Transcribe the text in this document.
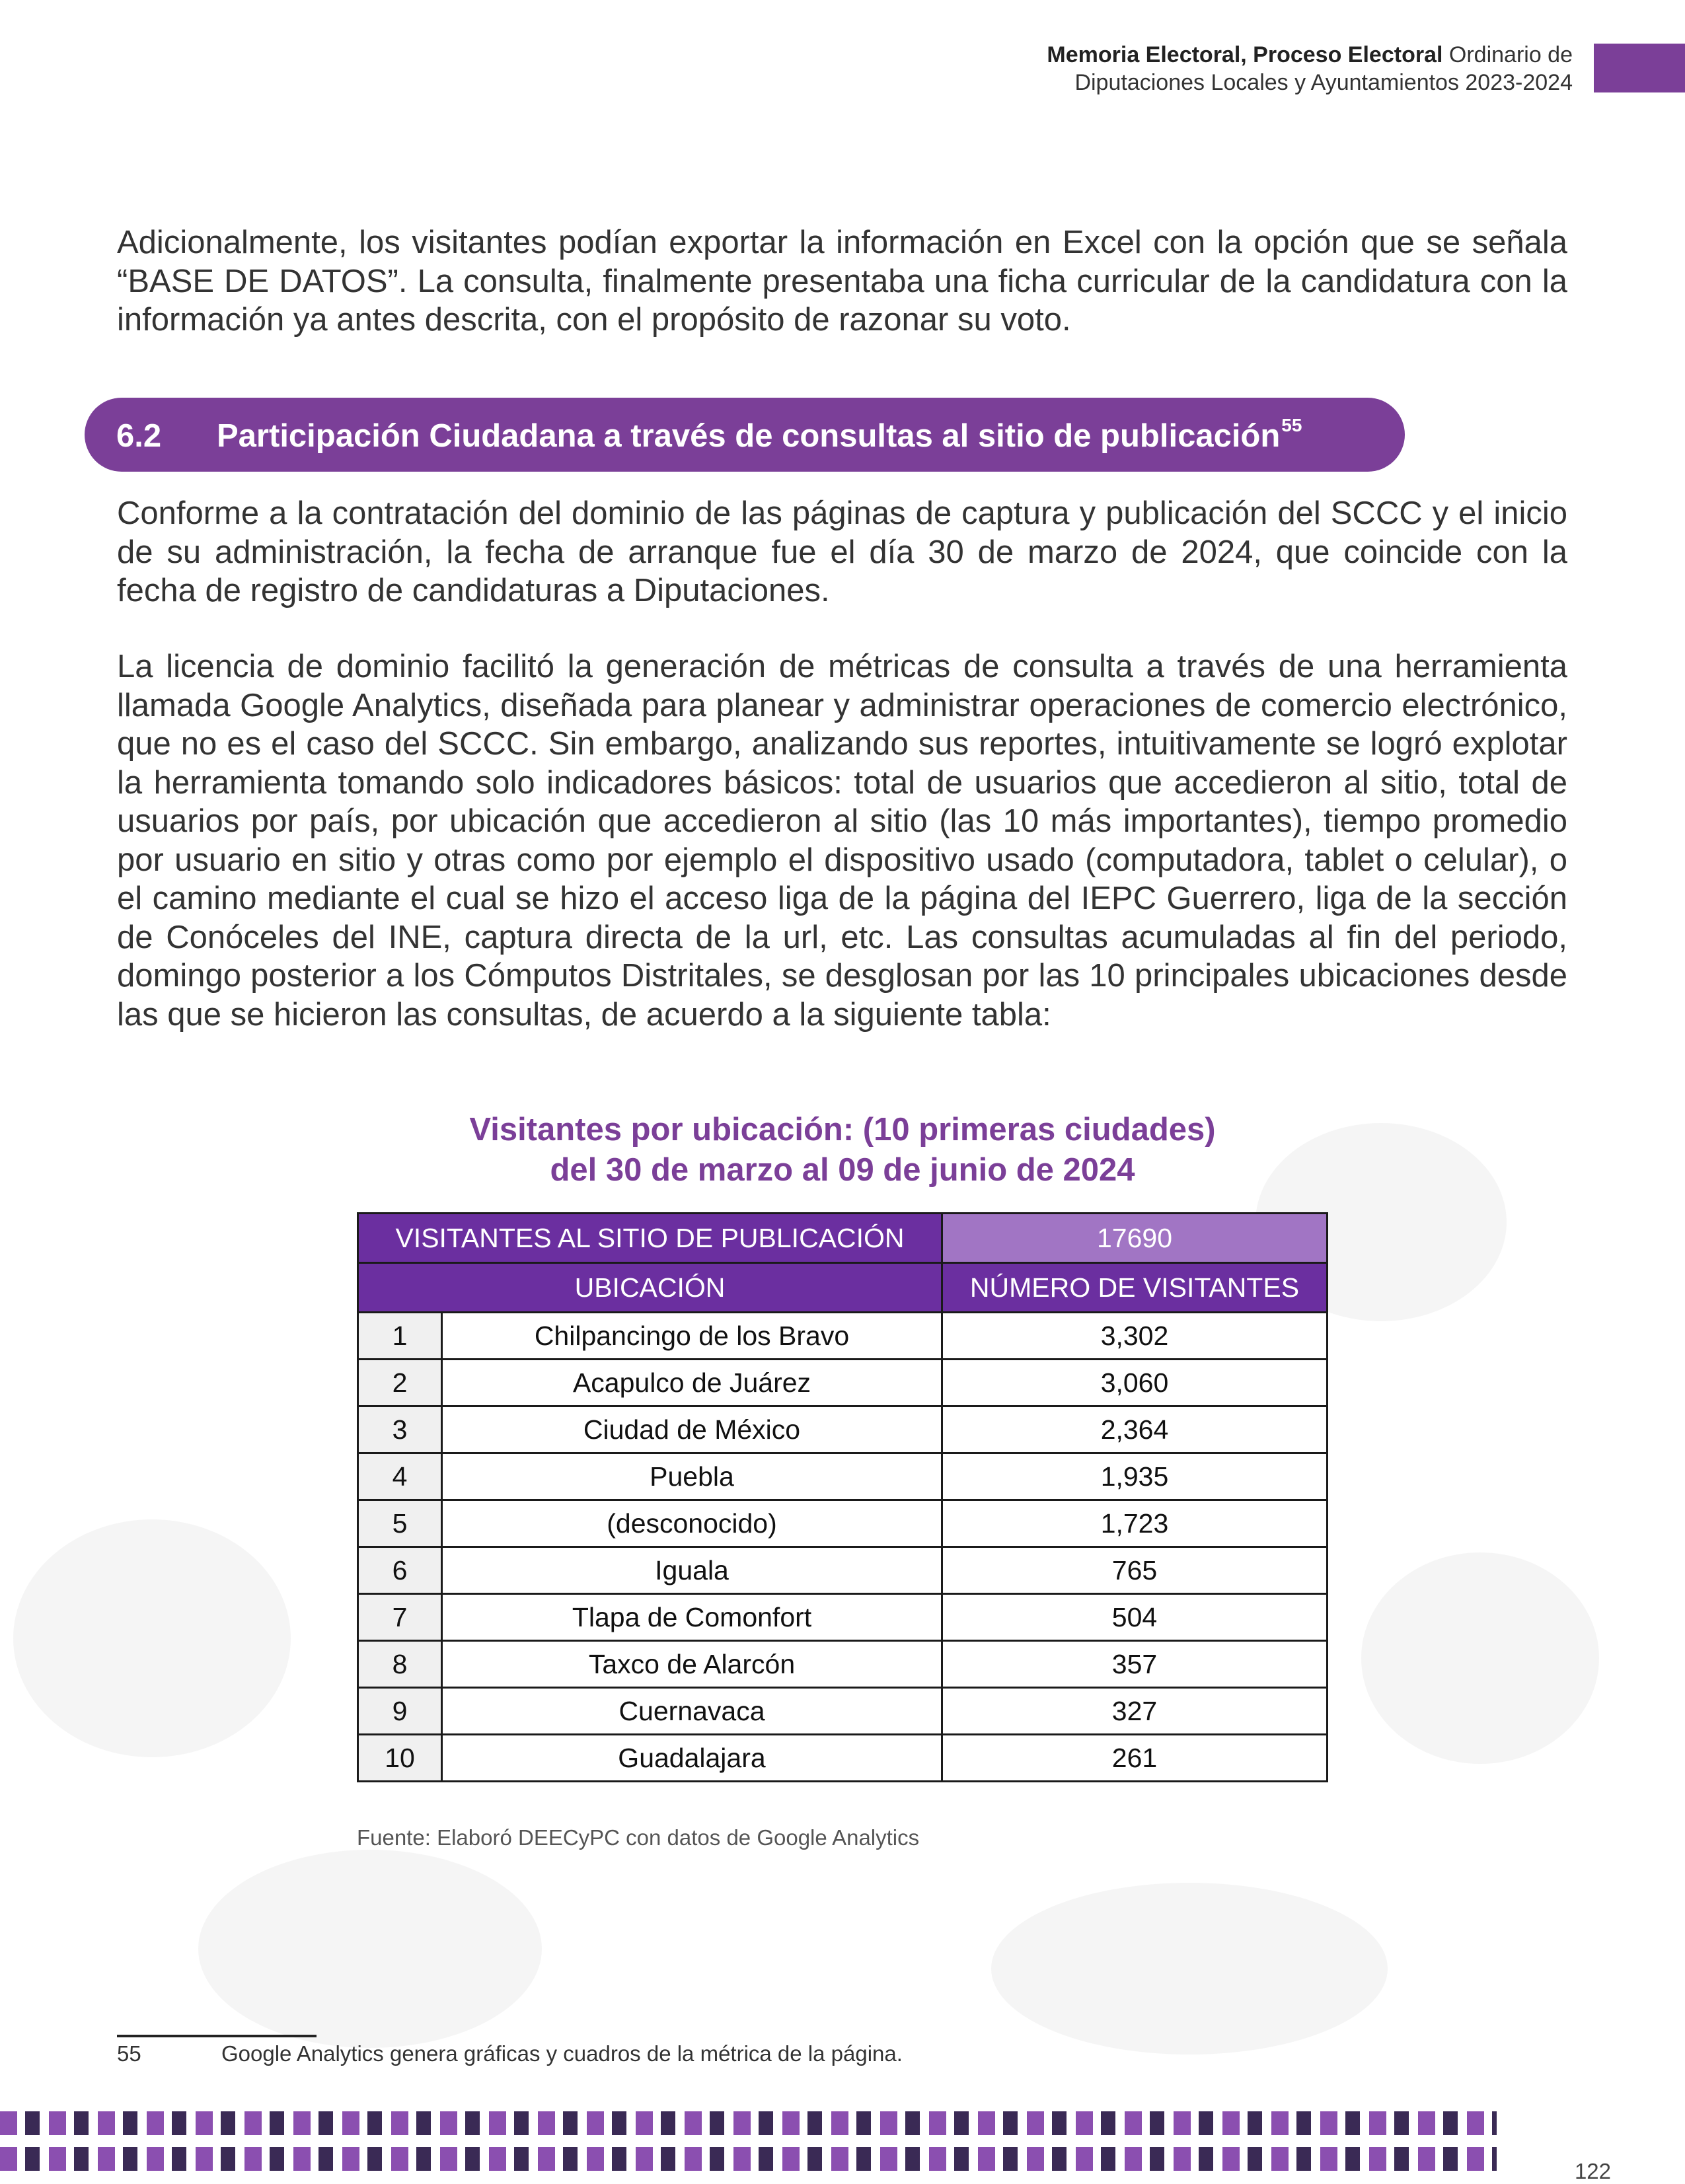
Memoria Electoral, Proceso Electoral Ordinario de
Diputaciones Locales y Ayuntamientos 2023-2024

Adicionalmente, los visitantes podían exportar la información en Excel con la opción que se señala “BASE DE DATOS”. La consulta, finalmente presentaba una ficha curricular de la candidatura con la información ya antes descrita, con el propósito de razonar su voto.

6.2 Participación Ciudadana a través de consultas al sitio de publicación$^{55}$

Conforme a la contratación del dominio de las páginas de captura y publicación del SCCC y el inicio de su administración, la fecha de arranque fue el día 30 de marzo de 2024, que coincide con la fecha de registro de candidaturas a Diputaciones.

La licencia de dominio facilitó la generación de métricas de consulta a través de una herramienta llamada Google Analytics, diseñada para planear y administrar operaciones de comercio electrónico, que no es el caso del SCCC. Sin embargo, analizando sus reportes, intuitivamente se logró explotar la herramienta tomando solo indicadores básicos: total de usuarios que accedieron al sitio, total de usuarios por país, por ubicación que accedieron al sitio (las 10 más importantes), tiempo promedio por usuario en sitio y otras como por ejemplo el dispositivo usado (computadora, tablet o celular), o el camino mediante el cual se hizo el acceso liga de la página del IEPC Guerrero, liga de la sección de Conóceles del INE, captura directa de la url, etc. Las consultas acumuladas al fin del periodo, domingo posterior a los Cómputos Distritales, se desglosan por las 10 principales ubicaciones desde las que se hicieron las consultas, de acuerdo a la siguiente tabla:

Visitantes por ubicación: (10 primeras ciudades)
del 30 de marzo al 09 de junio de 2024
VISITANTES AL SITIO DE PUBLICACIÓN		17690
UBICACIÓN		NÚMERO DE VISITANTES
1	Chilpancingo de los Bravo	3,302
2	Acapulco de Juárez	3,060
3	Ciudad de México	2,364
4	Puebla	1,935
5	(desconocido)	1,723
6	Iguala	765
7	Tlapa de Comonfort	504
8	Taxco de Alarcón	357
9	Cuernavaca	327
10	Guadalajara	261
Fuente: Elaboró DEECyPC con datos de Google Analytics
55	Google Analytics genera gráficas y cuadros de la métrica de la página.
122
